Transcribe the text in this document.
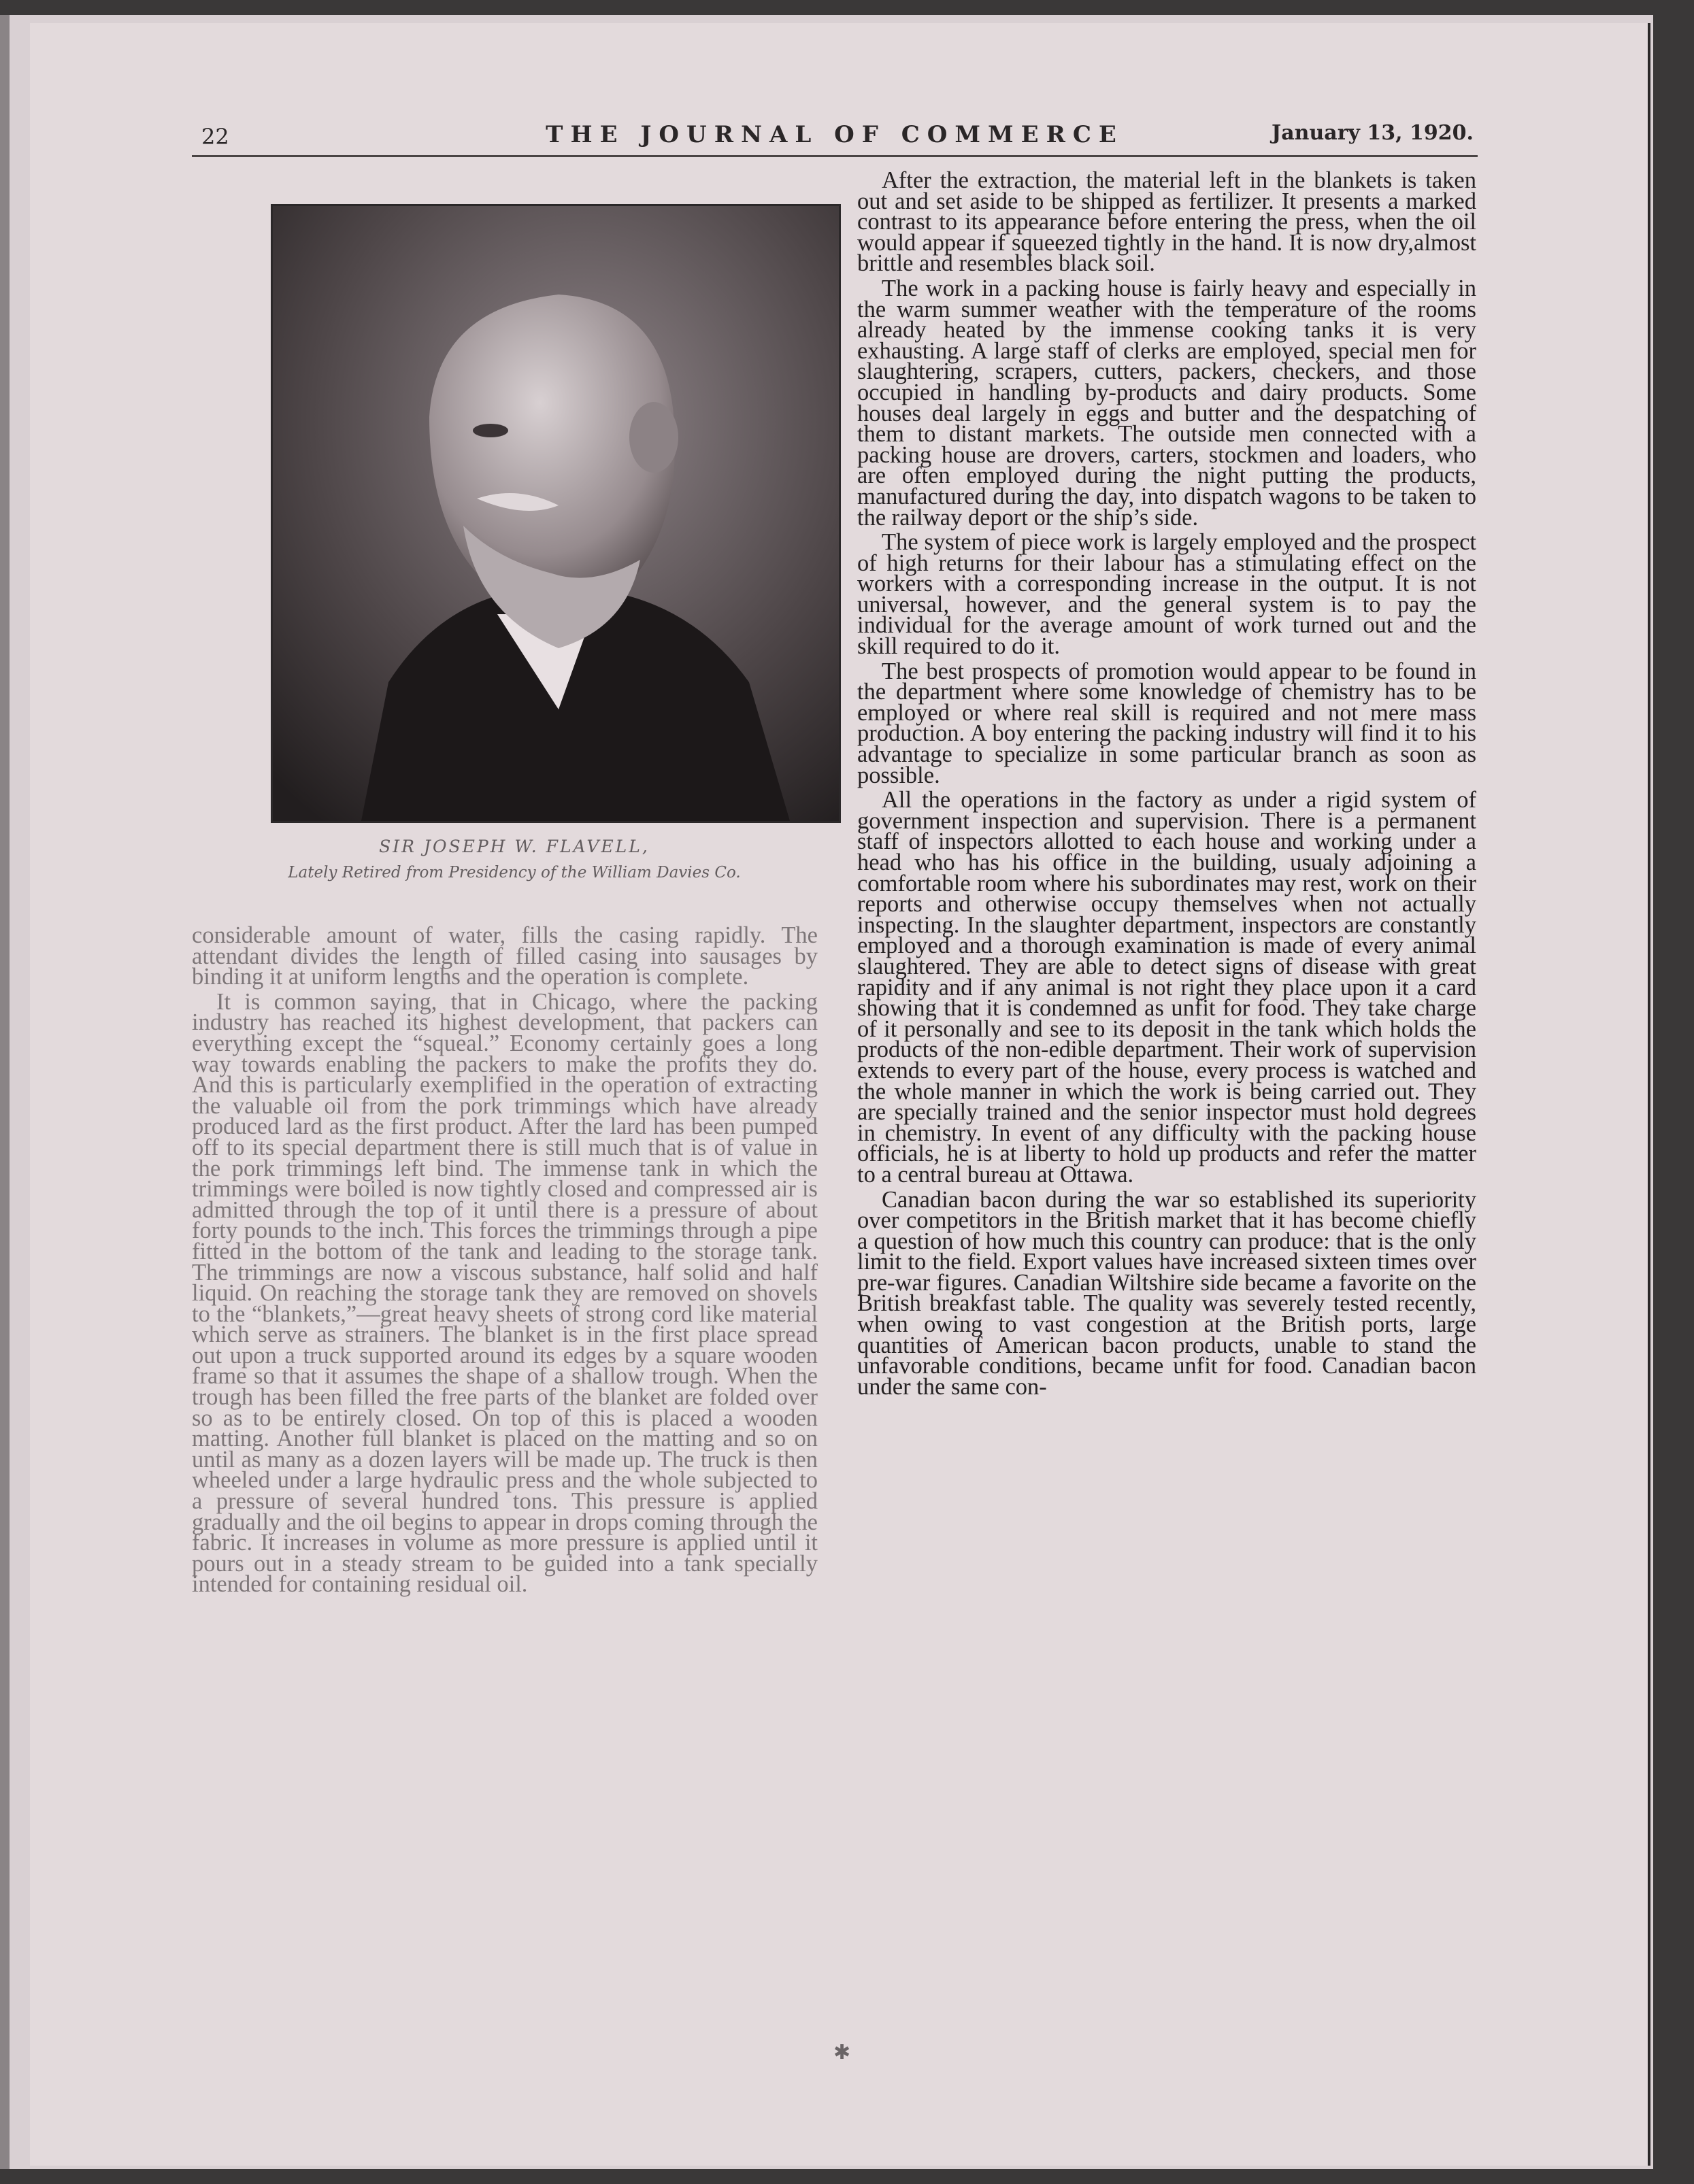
22	THE JOURNAL OF COMMERCE	January 13, 1920.
SIR JOSEPH W. FLAVELL,
Lately Retired from Presidency of the William Davies Co.

considerable amount of water, fills the casing rapidly. The attendant divides the length of filled casing into sausages by binding it at uniform lengths and the operation is complete.

It is common saying, that in Chicago, where the packing industry has reached its highest development, that packers can everything except the “squeal.” Economy certainly goes a long way towards enabling the packers to make the profits they do. And this is particularly exemplified in the operation of extracting the valuable oil from the pork trimmings which have already produced lard as the first product. After the lard has been pumped off to its special department there is still much that is of value in the pork trimmings left bind. The immense tank in which the trimmings were boiled is now tightly closed and compressed air is admitted through the top of it until there is a pressure of about forty pounds to the inch. This forces the trimmings through a pipe fitted in the bottom of the tank and leading to the storage tank. The trimmings are now a viscous substance, half solid and half liquid. On reaching the storage tank they are removed on shovels to the “blankets,”—great heavy sheets of strong cord like material which serve as strainers. The blanket is in the first place spread out upon a truck supported around its edges by a square wooden frame so that it assumes the shape of a shallow trough. When the trough has been filled the free parts of the blanket are folded over so as to be entirely closed. On top of this is placed a wooden matting. Another full blanket is placed on the matting and so on until as many as a dozen layers will be made up. The truck is then wheeled under a large hydraulic press and the whole subjected to a pressure of several hundred tons. This pressure is applied gradually and the oil begins to appear in drops coming through the fabric. It increases in volume as more pressure is applied until it pours out in a steady stream to be guided into a tank specially intended for containing residual oil.

After the extraction, the material left in the blankets is taken out and set aside to be shipped as fertilizer. It presents a marked contrast to its appearance before entering the press, when the oil would appear if squeezed tightly in the hand. It is now dry,almost brittle and resembles black soil.

The work in a packing house is fairly heavy and especially in the warm summer weather with the temperature of the rooms already heated by the immense cooking tanks it is very exhausting. A large staff of clerks are employed, special men for slaughtering, scrapers, cutters, packers, checkers, and those occupied in handling by-products and dairy products. Some houses deal largely in eggs and butter and the despatching of them to distant markets. The outside men connected with a packing house are drovers, carters, stockmen and loaders, who are often employed during the night putting the products, manufactured during the day, into dispatch wagons to be taken to the railway deport or the ship’s side.

The system of piece work is largely employed and the prospect of high returns for their labour has a stimulating effect on the workers with a corresponding increase in the output. It is not universal, however, and the general system is to pay the individual for the average amount of work turned out and the skill required to do it.

The best prospects of promotion would appear to be found in the department where some knowledge of chemistry has to be employed or where real skill is required and not mere mass production. A boy entering the packing industry will find it to his advantage to specialize in some particular branch as soon as possible.

All the operations in the factory as under a rigid system of government inspection and supervision. There is a permanent staff of inspectors allotted to each house and working under a head who has his office in the building, usualy adjoining a comfortable room where his subordinates may rest, work on their reports and otherwise occupy themselves when not actually inspecting. In the slaughter department, inspectors are constantly employed and a thorough examination is made of every animal slaughtered. They are able to detect signs of disease with great rapidity and if any animal is not right they place upon it a card showing that it is condemned as unfit for food. They take charge of it personally and see to its deposit in the tank which holds the products of the non-edible department. Their work of supervision extends to every part of the house, every process is watched and the whole manner in which the work is being carried out. They are specially trained and the senior inspector must hold degrees in chemistry. In event of any difficulty with the packing house officials, he is at liberty to hold up products and refer the matter to a central bureau at Ottawa.

Canadian bacon during the war so established its superiority over competitors in the British market that it has become chiefly a question of how much this country can produce: that is the only limit to the field. Export values have increased sixteen times over pre-war figures. Canadian Wiltshire side became a favorite on the British breakfast table. The quality was severely tested recently, when owing to vast congestion at the British ports, large quantities of American bacon products, unable to stand the unfavorable conditions, became unfit for food. Canadian bacon under the same con-

✱
